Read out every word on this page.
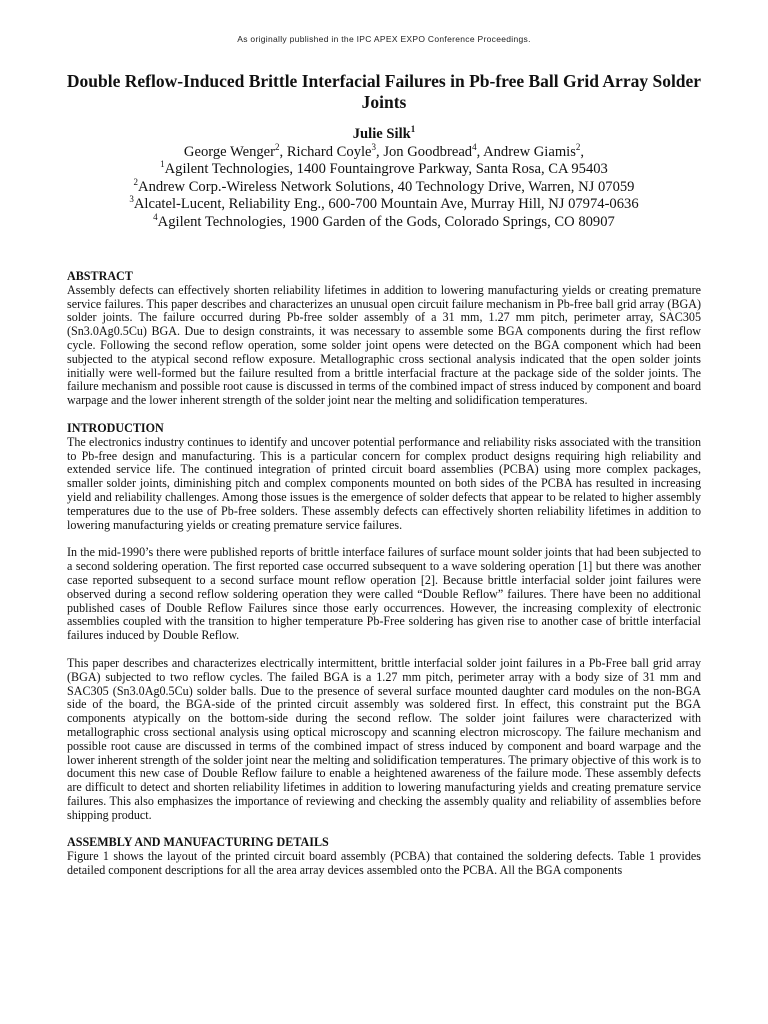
As originally published in the IPC APEX EXPO Conference Proceedings.
Double Reflow-Induced Brittle Interfacial Failures in Pb-free Ball Grid Array Solder Joints
Julie Silk$^1$
George Wenger$^2$, Richard Coyle$^3$, Jon Goodbread$^4$, Andrew Giamis$^2$,
$^1$Agilent Technologies, 1400 Fountaingrove Parkway, Santa Rosa, CA 95403
$^2$Andrew Corp.-Wireless Network Solutions, 40 Technology Drive, Warren, NJ 07059
$^3$Alcatel-Lucent, Reliability Eng., 600-700 Mountain Ave, Murray Hill, NJ 07974-0636
$^4$Agilent Technologies, 1900 Garden of the Gods, Colorado Springs, CO 80907
ABSTRACT

Assembly defects can effectively shorten reliability lifetimes in addition to lowering manufacturing yields or creating premature service failures. This paper describes and characterizes an unusual open circuit failure mechanism in Pb-free ball grid array (BGA) solder joints. The failure occurred during Pb-free solder assembly of a 31 mm, 1.27 mm pitch, perimeter array, SAC305 (Sn3.0Ag0.5Cu) BGA. Due to design constraints, it was necessary to assemble some BGA components during the first reflow cycle. Following the second reflow operation, some solder joint opens were detected on the BGA component which had been subjected to the atypical second reflow exposure. Metallographic cross sectional analysis indicated that the open solder joints initially were well-formed but the failure resulted from a brittle interfacial fracture at the package side of the solder joints. The failure mechanism and possible root cause is discussed in terms of the combined impact of stress induced by component and board warpage and the lower inherent strength of the solder joint near the melting and solidification temperatures.

INTRODUCTION

The electronics industry continues to identify and uncover potential performance and reliability risks associated with the transition to Pb-free design and manufacturing. This is a particular concern for complex product designs requiring high reliability and extended service life. The continued integration of printed circuit board assemblies (PCBA) using more complex packages, smaller solder joints, diminishing pitch and complex components mounted on both sides of the PCBA has resulted in increasing yield and reliability challenges. Among those issues is the emergence of solder defects that appear to be related to higher assembly temperatures due to the use of Pb-free solders. These assembly defects can effectively shorten reliability lifetimes in addition to lowering manufacturing yields or creating premature service failures.

In the mid-1990’s there were published reports of brittle interface failures of surface mount solder joints that had been subjected to a second soldering operation. The first reported case occurred subsequent to a wave soldering operation [1] but there was another case reported subsequent to a second surface mount reflow operation [2]. Because brittle interfacial solder joint failures were observed during a second reflow soldering operation they were called “Double Reflow” failures. There have been no additional published cases of Double Reflow Failures since those early occurrences. However, the increasing complexity of electronic assemblies coupled with the transition to higher temperature Pb-Free soldering has given rise to another case of brittle interfacial failures induced by Double Reflow.

This paper describes and characterizes electrically intermittent, brittle interfacial solder joint failures in a Pb-Free ball grid array (BGA) subjected to two reflow cycles. The failed BGA is a 1.27 mm pitch, perimeter array with a body size of 31 mm and SAC305 (Sn3.0Ag0.5Cu) solder balls. Due to the presence of several surface mounted daughter card modules on the non-BGA side of the board, the BGA-side of the printed circuit assembly was soldered first. In effect, this constraint put the BGA components atypically on the bottom-side during the second reflow. The solder joint failures were characterized with metallographic cross sectional analysis using optical microscopy and scanning electron microscopy. The failure mechanism and possible root cause are discussed in terms of the combined impact of stress induced by component and board warpage and the lower inherent strength of the solder joint near the melting and solidification temperatures. The primary objective of this work is to document this new case of Double Reflow failure to enable a heightened awareness of the failure mode. These assembly defects are difficult to detect and shorten reliability lifetimes in addition to lowering manufacturing yields and creating premature service failures. This also emphasizes the importance of reviewing and checking the assembly quality and reliability of assemblies before shipping product.

ASSEMBLY AND MANUFACTURING DETAILS

Figure 1 shows the layout of the printed circuit board assembly (PCBA) that contained the soldering defects. Table 1 provides detailed component descriptions for all the area array devices assembled onto the PCBA. All the BGA components
